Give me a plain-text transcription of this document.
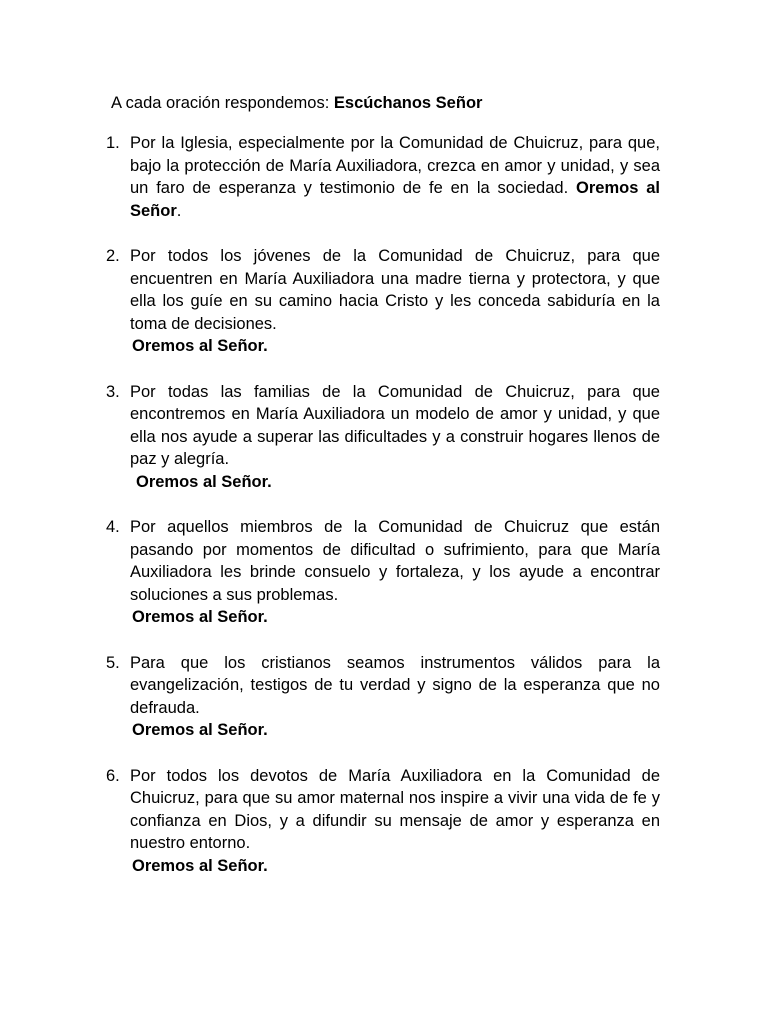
A cada oración respondemos: Escúchanos Señor
1. Por la Iglesia, especialmente por la Comunidad de Chuicruz, para que, bajo la protección de María Auxiliadora, crezca en amor y unidad, y sea un faro de esperanza y testimonio de fe en la sociedad. Oremos al Señor.
2. Por todos los jóvenes de la Comunidad de Chuicruz, para que encuentren en María Auxiliadora una madre tierna y protectora, y que ella los guíe en su camino hacia Cristo y les conceda sabiduría en la toma de decisiones.
Oremos al Señor.
3. Por todas las familias de la Comunidad de Chuicruz, para que encontremos en María Auxiliadora un modelo de amor y unidad, y que ella nos ayude a superar las dificultades y a construir hogares llenos de paz y alegría.
Oremos al Señor.
4. Por aquellos miembros de la Comunidad de Chuicruz que están pasando por momentos de dificultad o sufrimiento, para que María Auxiliadora les brinde consuelo y fortaleza, y los ayude a encontrar soluciones a sus problemas.
Oremos al Señor.
5. Para que los cristianos seamos instrumentos válidos para la evangelización, testigos de tu verdad y signo de la esperanza que no defrauda.
Oremos al Señor.
6. Por todos los devotos de María Auxiliadora en la Comunidad de Chuicruz, para que su amor maternal nos inspire a vivir una vida de fe y confianza en Dios, y a difundir su mensaje de amor y esperanza en nuestro entorno.
Oremos al Señor.
